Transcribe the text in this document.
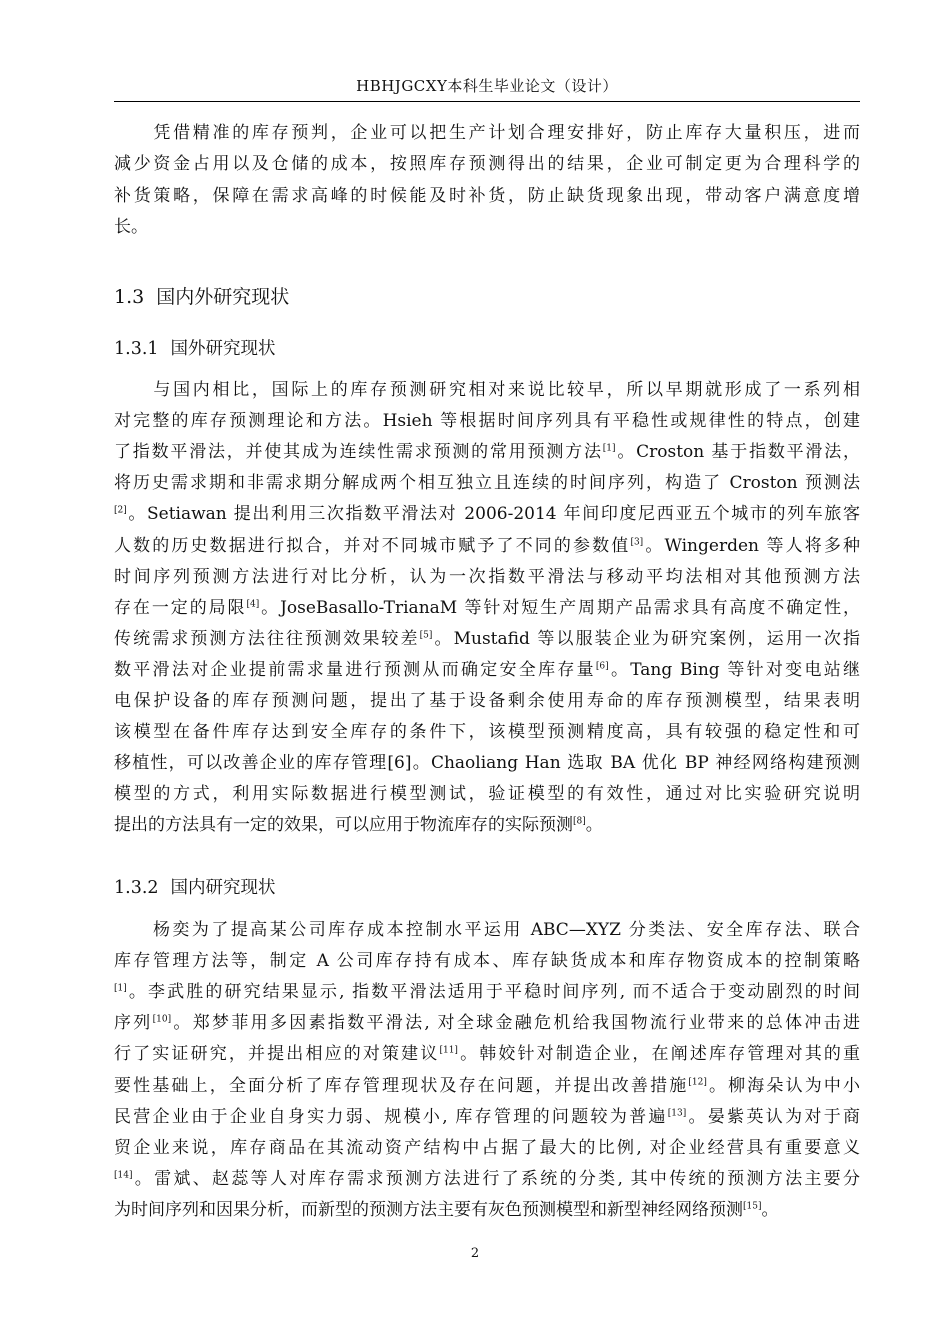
HBHJGCXY本科生毕业论文（设计）
　　凭借精准的库存预判，企业可以把生产计划合理安排好，防止库存大量积压，进而
减少资金占用以及仓储的成本，按照库存预测得出的结果，企业可制定更为合理科学的
补货策略，保障在需求高峰的时候能及时补货，防止缺货现象出现，带动客户满意度增
长。
1.3 国内外研究现状
1.3.1 国外研究现状
　　与国内相比，国际上的库存预测研究相对来说比较早，所以早期就形成了一系列相
对完整的库存预测理论和方法。Hsieh 等根据时间序列具有平稳性或规律性的特点，创建
了指数平滑法，并使其成为连续性需求预测的常用预测方法[1]。Croston 基于指数平滑法，
将历史需求期和非需求期分解成两个相互独立且连续的时间序列，构造了 Croston 预测法
[2]。Setiawan 提出利用三次指数平滑法对 2006-2014 年间印度尼西亚五个城市的列车旅客
人数的历史数据进行拟合，并对不同城市赋予了不同的参数值[3]。Wingerden 等人将多种
时间序列预测方法进行对比分析，认为一次指数平滑法与移动平均法相对其他预测方法
存在一定的局限[4]。JoseBasallo-TrianaM 等针对短生产周期产品需求具有高度不确定性，
传统需求预测方法往往预测效果较差[5]。Mustafid 等以服装企业为研究案例，运用一次指
数平滑法对企业提前需求量进行预测从而确定安全库存量[6]。Tang Bing 等针对变电站继
电保护设备的库存预测问题，提出了基于设备剩余使用寿命的库存预测模型，结果表明
该模型在备件库存达到安全库存的条件下，该模型预测精度高，具有较强的稳定性和可
移植性，可以改善企业的库存管理[6]。Chaoliang Han 选取 BA 优化 BP 神经网络构建预测
模型的方式，利用实际数据进行模型测试，验证模型的有效性，通过对比实验研究说明
提出的方法具有一定的效果，可以应用于物流库存的实际预测[8]。
1.3.2 国内研究现状
　　杨奕为了提高某公司库存成本控制水平运用 ABC—XYZ 分类法、安全库存法、联合
库存管理方法等，制定 A 公司库存持有成本、库存缺货成本和库存物资成本的控制策略
[1]。李武胜的研究结果显示, 指数平滑法适用于平稳时间序列, 而不适合于变动剧烈的时间
序列[10]。郑梦菲用多因素指数平滑法, 对全球金融危机给我国物流行业带来的总体冲击进
行了实证研究，并提出相应的对策建议[11]。韩姣针对制造企业，在阐述库存管理对其的重
要性基础上，全面分析了库存管理现状及存在问题，并提出改善措施[12]。柳海朵认为中小
民营企业由于企业自身实力弱、规模小, 库存管理的问题较为普遍[13]。晏紫英认为对于商
贸企业来说，库存商品在其流动资产结构中占据了最大的比例, 对企业经营具有重要意义
[14]。雷斌、赵蕊等人对库存需求预测方法进行了系统的分类, 其中传统的预测方法主要分
为时间序列和因果分析，而新型的预测方法主要有灰色预测模型和新型神经网络预测[15]。
2
